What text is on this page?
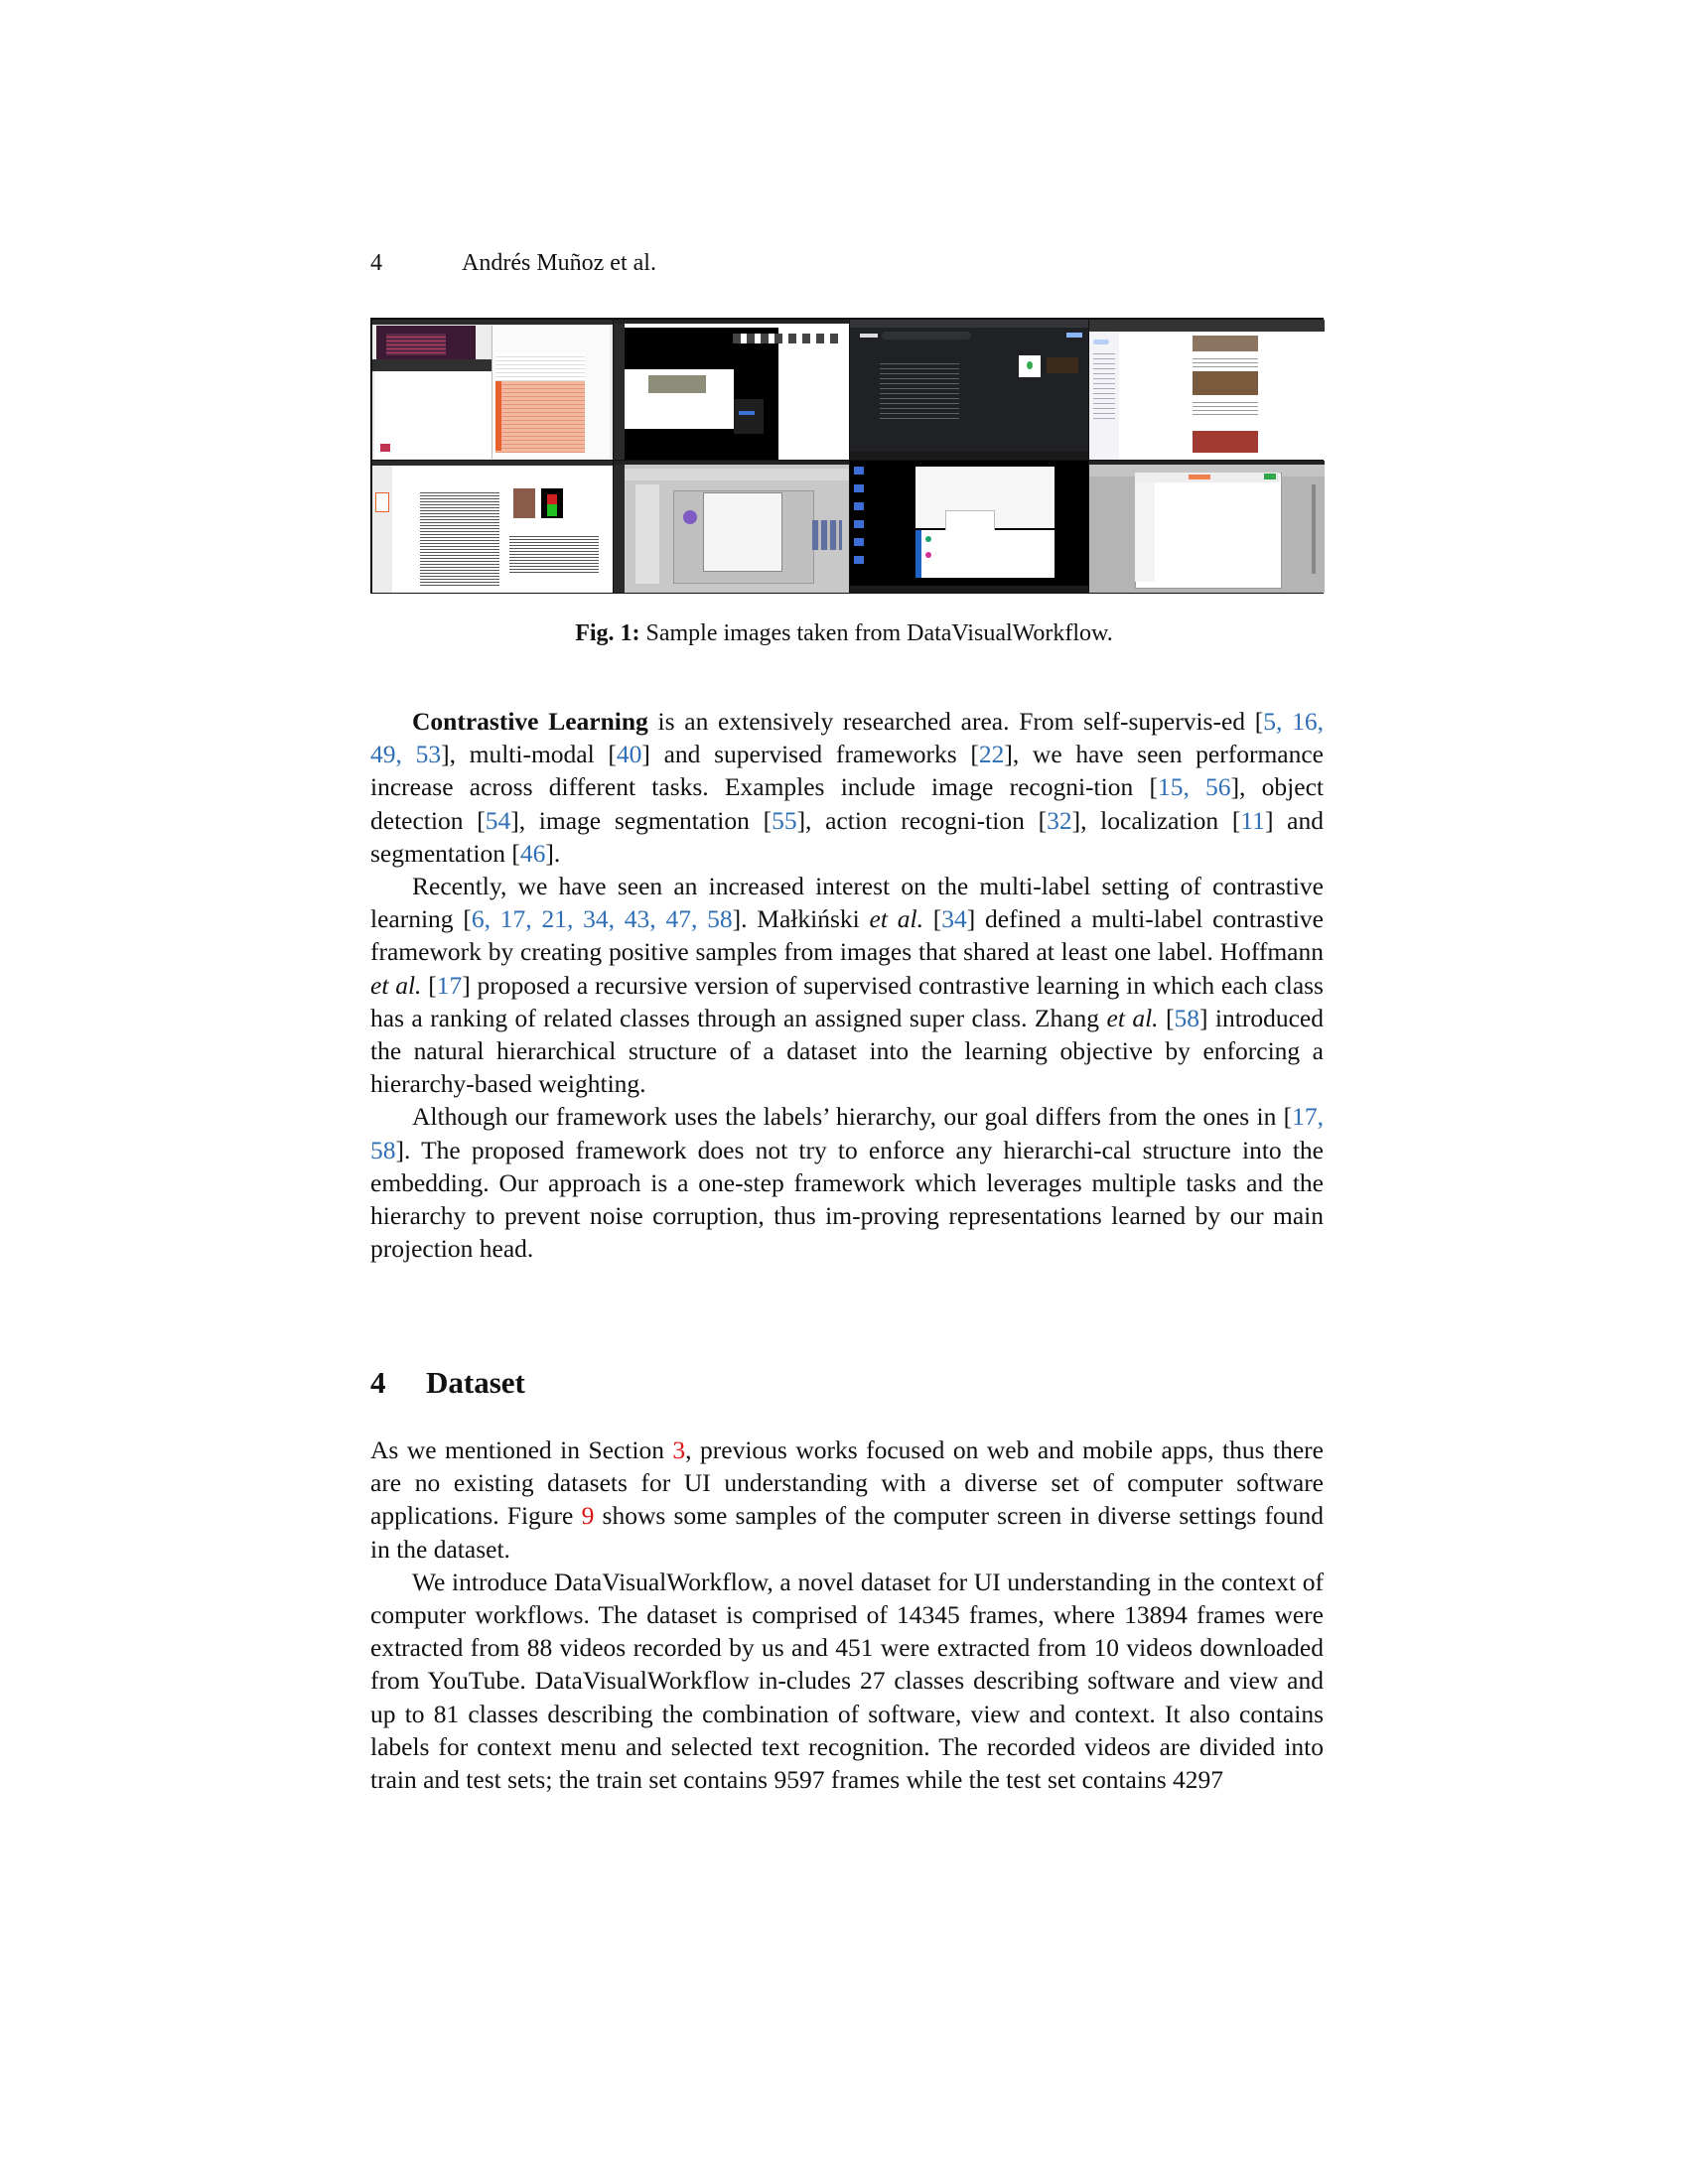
4	Andrés Muñoz et al.
Fig. 1: Sample images taken from DataVisualWorkflow.

Contrastive Learning is an extensively researched area. From self-supervis-ed [5, 16, 49, 53], multi-modal [40] and supervised frameworks [22], we have seen performance increase across different tasks. Examples include image recogni-tion [15, 56], object detection [54], image segmentation [55], action recogni-tion [32], localization [11] and segmentation [46].

Recently, we have seen an increased interest on the multi-label setting of contrastive learning [6, 17, 21, 34, 43, 47, 58]. Małkiński et al. [34] defined a multi-label contrastive framework by creating positive samples from images that shared at least one label. Hoffmann et al. [17] proposed a recursive version of supervised contrastive learning in which each class has a ranking of related classes through an assigned super class. Zhang et al. [58] introduced the natural hierarchical structure of a dataset into the learning objective by enforcing a hierarchy-based weighting.

Although our framework uses the labels’ hierarchy, our goal differs from the ones in [17, 58]. The proposed framework does not try to enforce any hierarchi-cal structure into the embedding. Our approach is a one-step framework which leverages multiple tasks and the hierarchy to prevent noise corruption, thus im-proving representations learned by our main projection head.

4 Dataset

As we mentioned in Section 3, previous works focused on web and mobile apps, thus there are no existing datasets for UI understanding with a diverse set of computer software applications. Figure 9 shows some samples of the computer screen in diverse settings found in the dataset.

We introduce DataVisualWorkflow, a novel dataset for UI understanding in the context of computer workflows. The dataset is comprised of 14345 frames, where 13894 frames were extracted from 88 videos recorded by us and 451 were extracted from 10 videos downloaded from YouTube. DataVisualWorkflow in-cludes 27 classes describing software and view and up to 81 classes describing the combination of software, view and context. It also contains labels for context menu and selected text recognition. The recorded videos are divided into train and test sets; the train set contains 9597 frames while the test set contains 4297
